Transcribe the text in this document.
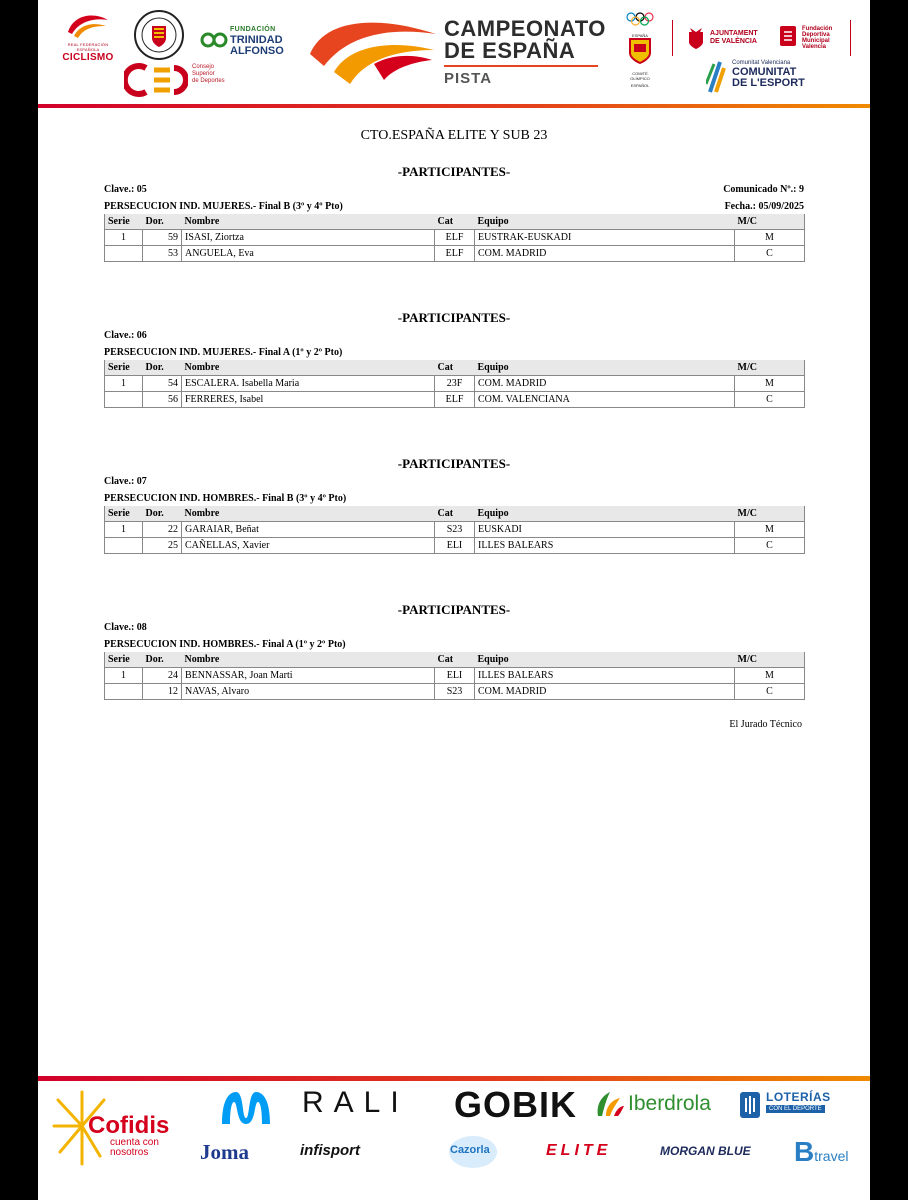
REAL FEDERACIÓN ESPAÑOLA
CICLISMO
FUNDACIÓN
TRINIDAD
ALFONSO
Consejo
Superior
de Deportes
CAMPEONATO
DE ESPAÑA
PISTA
ESPAÑA
COMITÉ OLÍMPICO
ESPAÑOL
AJUNTAMENT
DE VALÈNCIA
Fundación
Deportiva
Municipal
Valencia
Comunitat Valenciana
COMUNITAT
DE L'ESPORT
CTO.ESPAÑA ELITE Y SUB 23
-PARTICIPANTES-
Clave.: 05	Comunicado Nº.: 9
PERSECUCION IND. MUJERES.- Final B (3º y 4º Pto)	Fecha.: 05/09/2025
Serie	Dor.	Nombre	Cat	Equipo	M/C
1	59	ISASI, Ziortza	ELF	EUSTRAK-EUSKADI	M
	53	ANGUELA, Eva	ELF	COM. MADRID	C
-PARTICIPANTES-
Clave.: 06
PERSECUCION IND. MUJERES.- Final A (1º y 2º Pto)
Serie	Dor.	Nombre	Cat	Equipo	M/C
1	54	ESCALERA. Isabella Maria	23F	COM. MADRID	M
	56	FERRERES, Isabel	ELF	COM. VALENCIANA	C
-PARTICIPANTES-
Clave.: 07
PERSECUCION IND. HOMBRES.- Final B (3º y 4º Pto)
Serie	Dor.	Nombre	Cat	Equipo	M/C
1	22	GARAIAR, Beñat	S23	EUSKADI	M
	25	CAÑELLAS, Xavier	ELI	ILLES BALEARS	C
-PARTICIPANTES-
Clave.: 08
PERSECUCION IND. HOMBRES.- Final A (1º y 2º Pto)
Serie	Dor.	Nombre	Cat	Equipo	M/C
1	24	BENNASSAR, Joan Marti	ELI	ILLES BALEARS	M
	12	NAVAS, Alvaro	S23	COM. MADRID	C
El Jurado Técnico
Cofidis
cuenta con
nosotros
RALI GOBIK Iberdrola	LOTERÍAS
CON EL DEPORTE
Joma	infisport	Cazorla	ELITE	MORGAN BLUE Btravel
